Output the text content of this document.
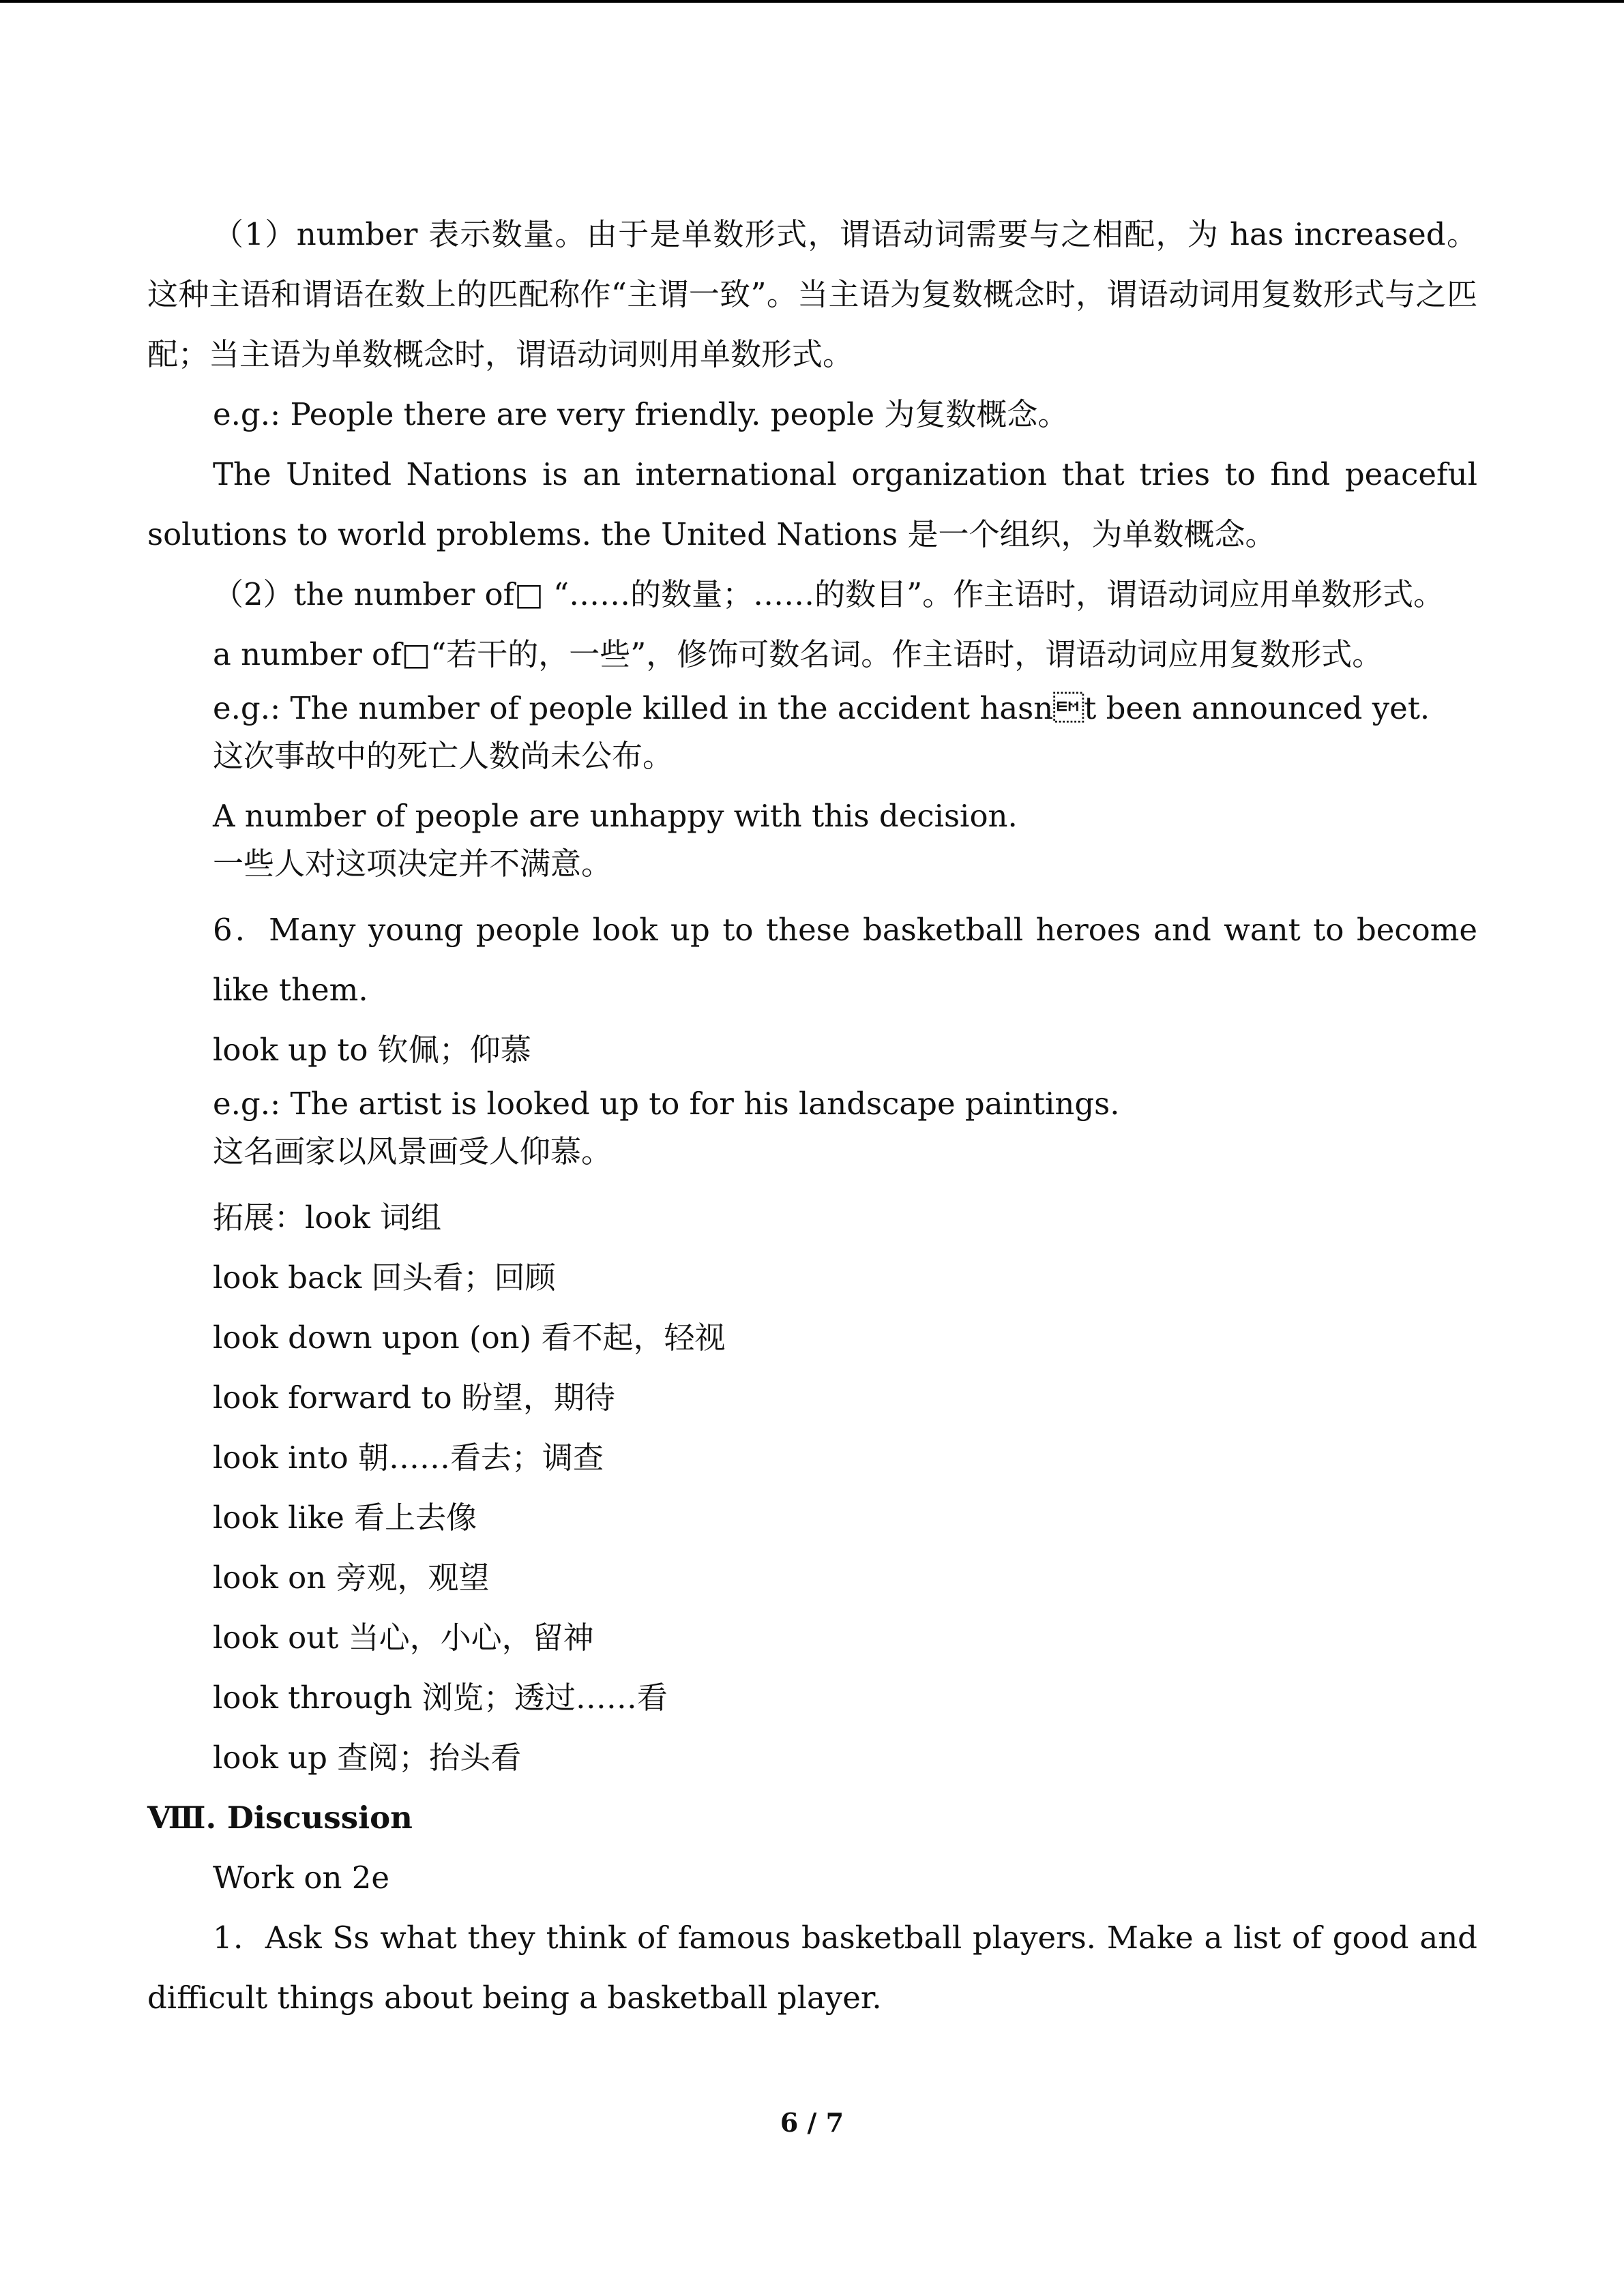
（1）number 表示数量。由于是单数形式，谓语动词需要与之相配，为 has increased。这种主语和谓语在数上的匹配称作“主谓一致”。当主语为复数概念时，谓语动词用复数形式与之匹配；当主语为单数概念时，谓语动词则用单数形式。

e.g.: People there are very friendly. people 为复数概念。

The United Nations is an international organization that tries to find peaceful solutions to world problems. the United Nations 是一个组织，为单数概念。

（2）the number of□ “……的数量；……的数目”。作主语时，谓语动词应用单数形式。

a number of□“若干的，一些”，修饰可数名词。作主语时，谓语动词应用复数形式。

e.g.: The number of people killed in the accident hasnt been announced yet.

这次事故中的死亡人数尚未公布。

A number of people are unhappy with this decision.

一些人对这项决定并不满意。

6．Many young people look up to these basketball heroes and want to become like them.

look up to 钦佩；仰慕

e.g.: The artist is looked up to for his landscape paintings.

这名画家以风景画受人仰慕。

拓展：look 词组

look back 回头看；回顾

look down upon (on) 看不起，轻视

look forward to 盼望，期待

look into 朝……看去；调查

look like 看上去像

look on 旁观，观望

look out 当心，小心，留神

look through 浏览；透过……看

look up 查阅；抬头看

Ⅷ. Discussion

Work on 2e

1．Ask Ss what they think of famous basketball players. Make a list of good and difficult things about being a basketball player.

6 / 7
